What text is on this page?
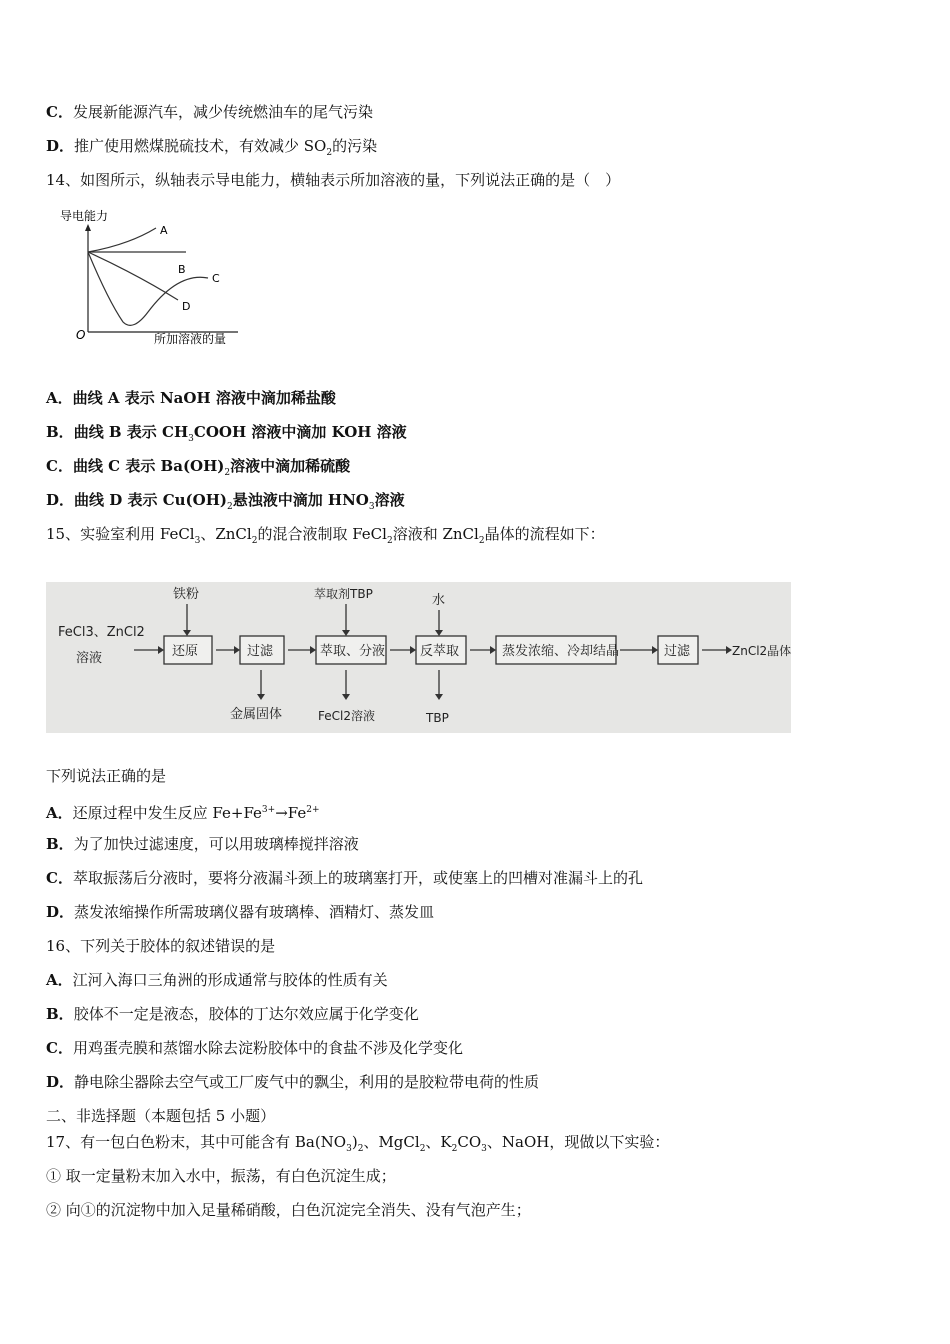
C．发展新能源汽车，减少传统燃油车的尾气污染
D．推广使用燃煤脱硫技术，有效减少 $SO_2$的污染
14、如图所示，纵轴表示导电能力，横轴表示所加溶液的量，下列说法正确的是（　）
导电能力
O	所加溶液的量
A
B
C
D
A．曲线 A 表示 NaOH 溶液中滴加稀盐酸
B．曲线 B 表示 $CH_3COOH$ 溶液中滴加 KOH 溶液
C．曲线 C 表示 $Ba(OH)_2$溶液中滴加稀硫酸
D．曲线 D 表示 $Cu(OH)_2$悬浊液中滴加 $HNO_3$溶液
15、实验室利用 FeCl$_3$、ZnCl$_2$的混合液制取 FeCl$_2$溶液和 ZnCl$_2$晶体的流程如下：
FeCl3、ZnCl2
溶液	还原	过滤	萃取、分液	反萃取	蒸发浓缩、冷却结晶	过滤	ZnCl2晶体
铁粉	萃取剂TBP	水
金属固体	FeCl2溶液	TBP
下列说法正确的是
A．还原过程中发生反应 $Fe+Fe^{3+}\to Fe^{2+}$
B．为了加快过滤速度，可以用玻璃棒搅拌溶液
C．萃取振荡后分液时，要将分液漏斗颈上的玻璃塞打开，或使塞上的凹槽对准漏斗上的孔
D．蒸发浓缩操作所需玻璃仪器有玻璃棒、酒精灯、蒸发皿
16、下列关于胶体的叙述错误的是
A．江河入海口三角洲的形成通常与胶体的性质有关
B．胶体不一定是液态，胶体的丁达尔效应属于化学变化
C．用鸡蛋壳膜和蒸馏水除去淀粉胶体中的食盐不涉及化学变化
D．静电除尘器除去空气或工厂废气中的飘尘，利用的是胶粒带电荷的性质
二、非选择题（本题包括 5 小题）
17、有一包白色粉末，其中可能含有 $Ba(NO_3)_2$、MgCl$_2$、$K_2CO_3$、NaOH，现做以下实验：
① 取一定量粉末加入水中，振荡，有白色沉淀生成；
② 向①的沉淀物中加入足量稀硝酸，白色沉淀完全消失、没有气泡产生；
